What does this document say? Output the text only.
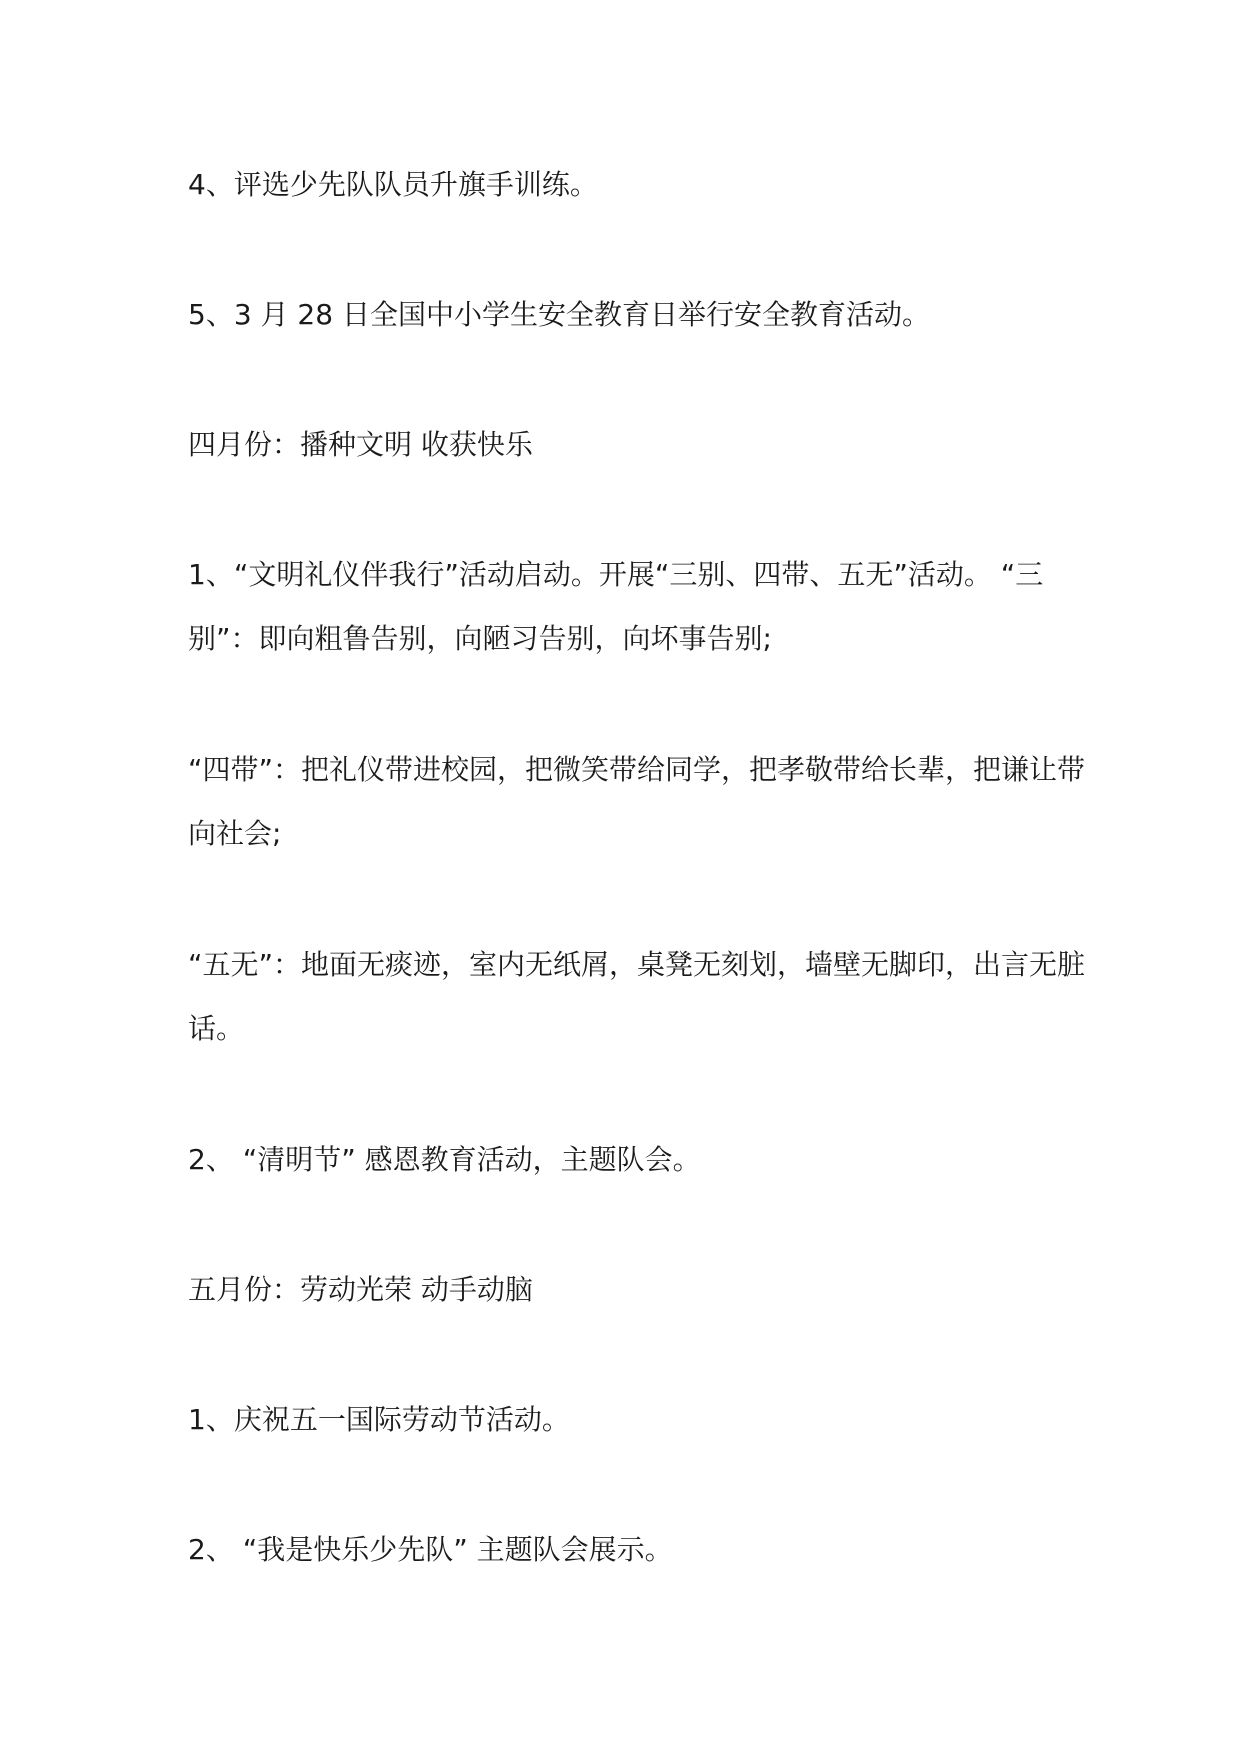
4、评选少先队队员升旗手训练。

5、3 月 28 日全国中小学生安全教育日举行安全教育活动。

四月份：播种文明 收获快乐

1、“文明礼仪伴我行”活动启动。开展“三别、四带、五无”活动。 “三别”：即向粗鲁告别，向陋习告别，向坏事告别;

“四带”：把礼仪带进校园，把微笑带给同学，把孝敬带给长辈，把谦让带向社会;

“五无”：地面无痰迹，室内无纸屑，桌凳无刻划，墙壁无脚印，出言无脏话。

2、 “清明节” 感恩教育活动，主题队会。

五月份：劳动光荣 动手动脑

1、庆祝五一国际劳动节活动。

2、 “我是快乐少先队” 主题队会展示。
